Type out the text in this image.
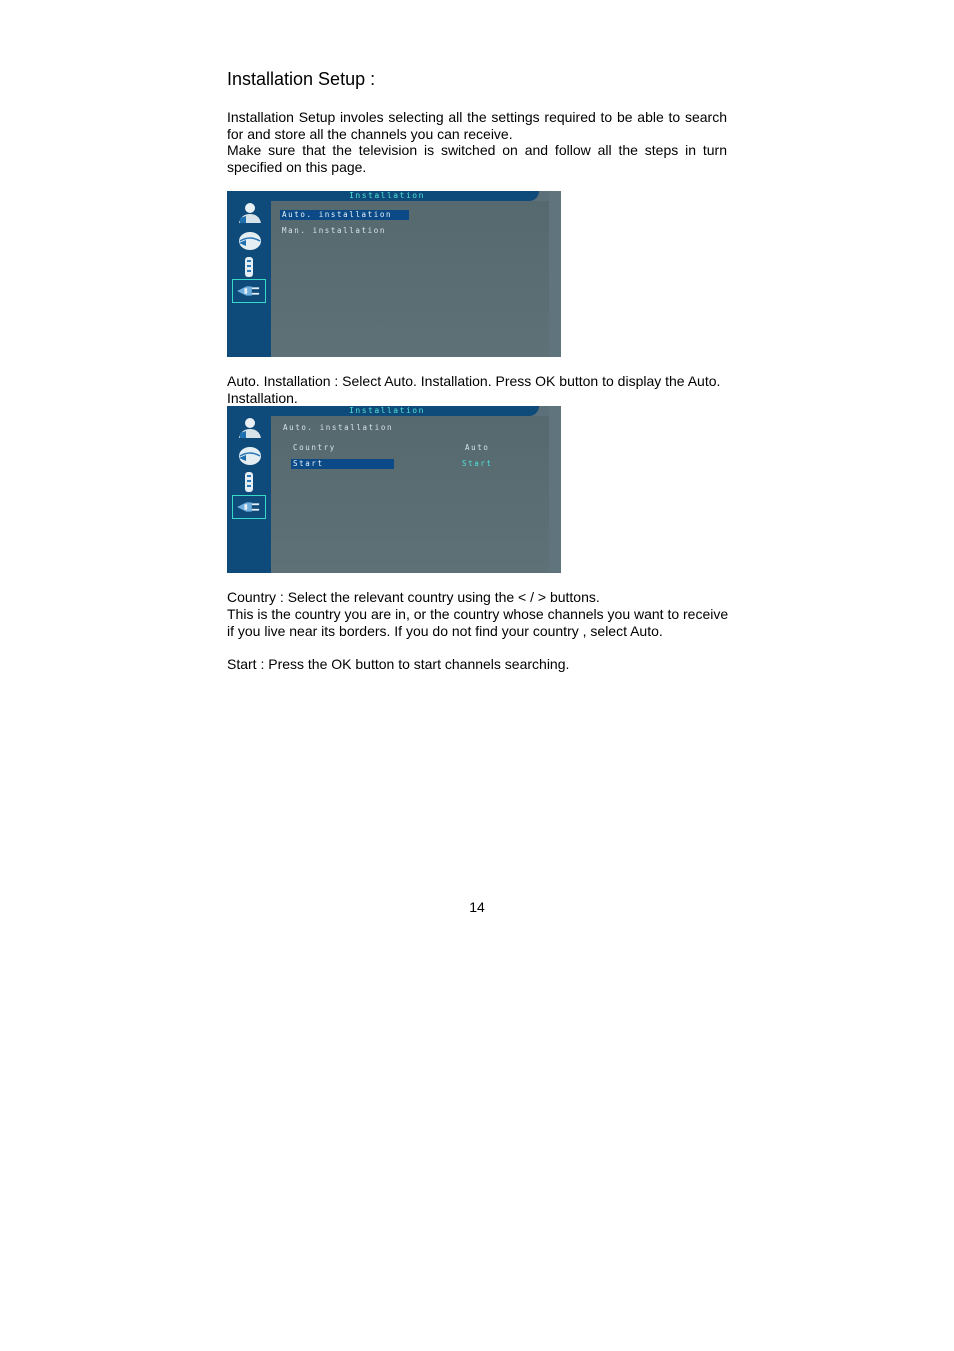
Installation Setup :
Installation Setup involes selecting all the settings required to be able to search for and store all the channels you can receive.
Make sure that the television is switched on and follow all the steps in turn specified on this page.
Installation
Auto. installation
Man. installation
Auto. Installation : Select Auto. Installation. Press OK button to display the Auto. Installation.
Installation
Auto. installation
Country	Auto
Start	Start
Country : Select the relevant country using the < / > buttons.
This is the country you are in, or the country whose channels you want to receive if you live near its borders. If you do not find your country , select Auto.
Start : Press the OK button to start channels searching.
14
